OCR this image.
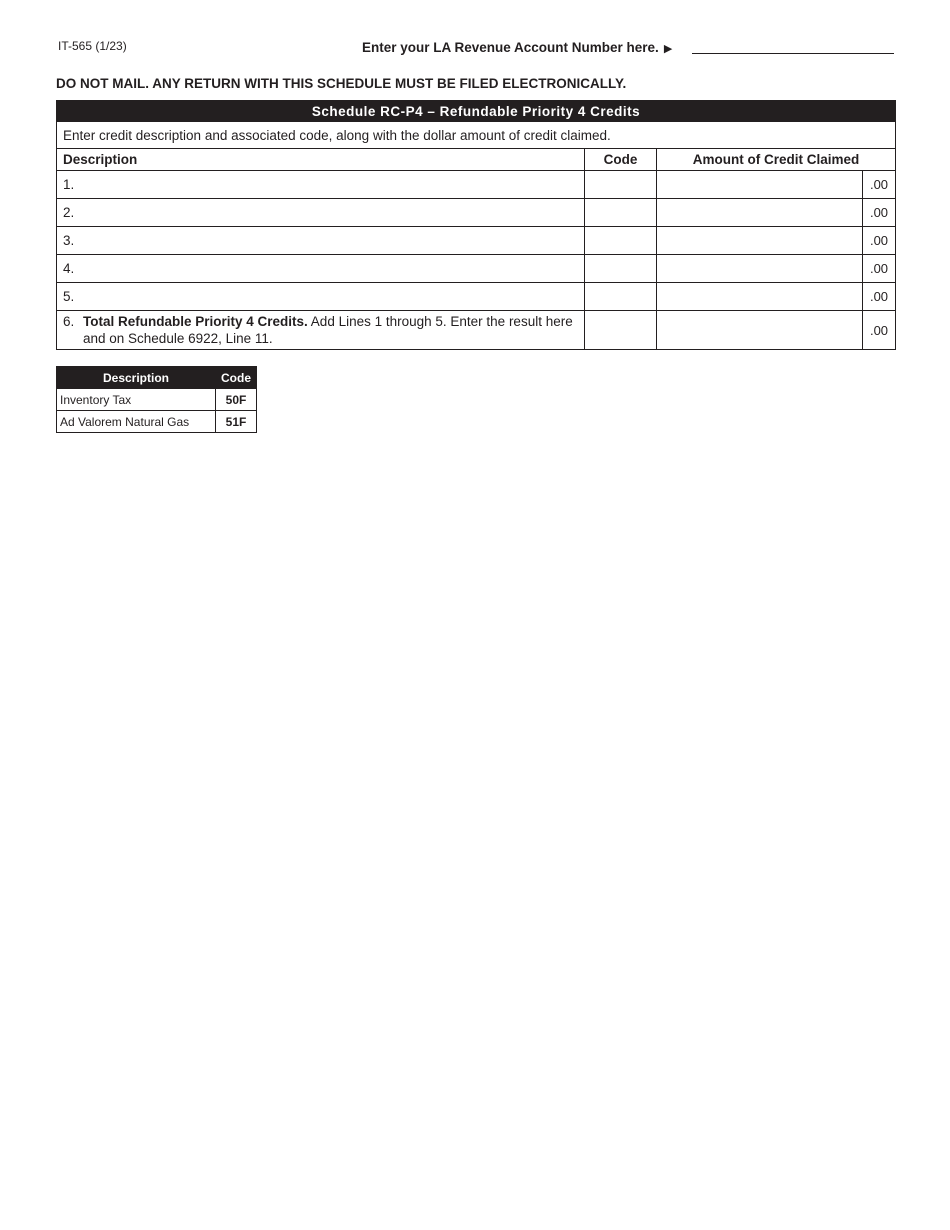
IT-565 (1/23)	Enter your LA Revenue Account Number here. ▶
DO NOT MAIL. ANY RETURN WITH THIS SCHEDULE MUST BE FILED ELECTRONICALLY.
Schedule RC-P4 – Refundable Priority 4 Credits			
Enter credit description and associated code, along with the dollar amount of credit claimed.			
Description	Code	Amount of Credit Claimed	
1.			.00
2.			.00
3.			.00
4.			.00
5.			.00

6. Total Refundable Priority 4 Credits. Add Lines 1 through 5. Enter the result here and on Schedule 6922, Line 11.			.00
Description	Code
Inventory Tax	50F
Ad Valorem Natural Gas	51F
